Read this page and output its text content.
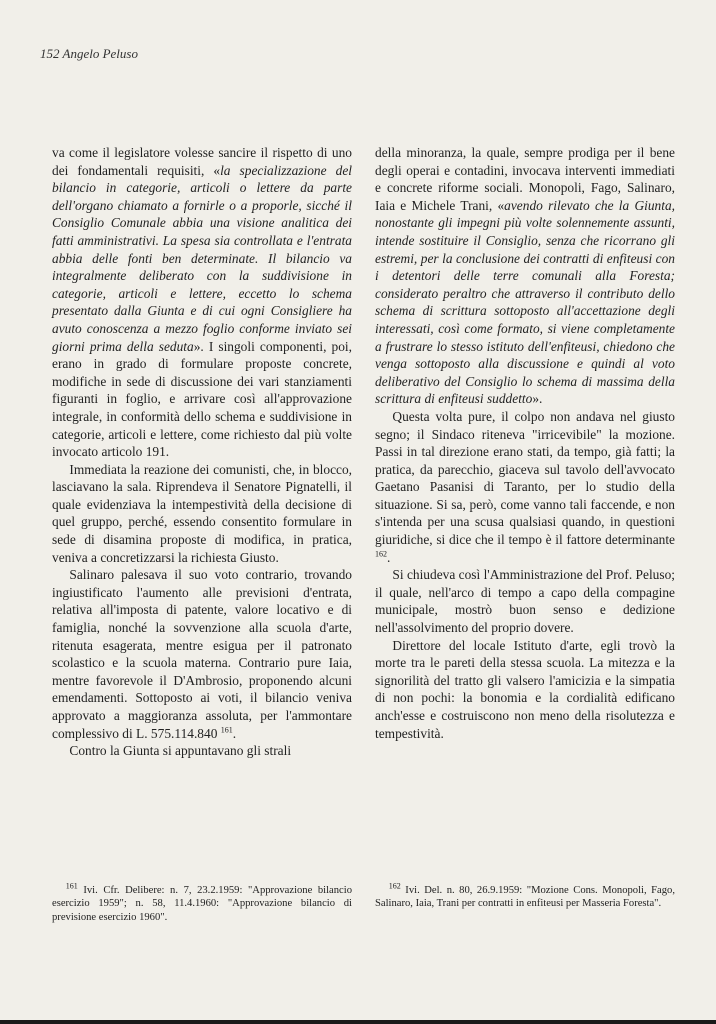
152 Angelo Peluso

va come il legislatore volesse sancire il rispetto di uno dei fondamentali requisiti, «la specializzazione del bilancio in categorie, articoli o lettere da parte dell'organo chiamato a fornirle o a proporle, sicché il Consiglio Comunale abbia una visione analitica dei fatti amministrativi. La spesa sia controllata e l'entrata abbia delle fonti ben determinate. Il bilancio va integralmente deliberato con la suddivisione in categorie, articoli e lettere, eccetto lo schema presentato dalla Giunta e di cui ogni Consigliere ha avuto conoscenza a mezzo foglio conforme inviato sei giorni prima della seduta». I singoli componenti, poi, erano in grado di formulare proposte concrete, modifiche in sede di discussione dei vari stanziamenti figuranti in foglio, e arrivare così all'approvazione integrale, in conformità dello schema e suddivisione in categorie, articoli e lettere, come richiesto dal più volte invocato articolo 191.

Immediata la reazione dei comunisti, che, in blocco, lasciavano la sala. Riprendeva il Senatore Pignatelli, il quale evidenziava la intempestività della decisione di quel gruppo, perché, essendo consentito formulare in sede di disamina proposte di modifica, in pratica, veniva a concretizzarsi la richiesta Giusto.

Salinaro palesava il suo voto contrario, trovando ingiustificato l'aumento alle previsioni d'entrata, relativa all'imposta di patente, valore locativo e di famiglia, nonché la sovvenzione alla scuola d'arte, ritenuta esagerata, mentre esigua per il patronato scolastico e la scuola materna. Contrario pure Iaia, mentre favorevole il D'Ambrosio, proponendo alcuni emendamenti. Sottoposto ai voti, il bilancio veniva approvato a maggioranza assoluta, per l'ammontare complessivo di L. 575.114.840 $^{161}$.

Contro la Giunta si appuntavano gli strali

della minoranza, la quale, sempre prodiga per il bene degli operai e contadini, invocava interventi immediati e concrete riforme sociali. Monopoli, Fago, Salinaro, Iaia e Michele Trani, «avendo rilevato che la Giunta, nonostante gli impegni più volte solennemente assunti, intende sostituire il Consiglio, senza che ricorrano gli estremi, per la conclusione dei contratti di enfiteusi con i detentori delle terre comunali alla Foresta; considerato peraltro che attraverso il contributo dello schema di scrittura sottoposto all'accettazione degli interessati, così come formato, si viene completamente a frustrare lo stesso istituto dell'enfiteusi, chiedono che venga sottoposto alla discussione e quindi al voto deliberativo del Consiglio lo schema di massima della scrittura di enfiteusi suddetto».

Questa volta pure, il colpo non andava nel giusto segno; il Sindaco riteneva "irricevibile" la mozione. Passi in tal direzione erano stati, da tempo, già fatti; la pratica, da parecchio, giaceva sul tavolo dell'avvocato Gaetano Pasanisi di Taranto, per lo studio della situazione. Si sa, però, come vanno tali faccende, e non s'intenda per una scusa qualsiasi quando, in questioni giuridiche, si dice che il tempo è il fattore determinante $^{162}$.

Si chiudeva così l'Amministrazione del Prof. Peluso; il quale, nell'arco di tempo a capo della compagine municipale, mostrò buon senso e dedizione nell'assolvimento del proprio dovere.

Direttore del locale Istituto d'arte, egli trovò la morte tra le pareti della stessa scuola. La mitezza e la signorilità del tratto gli valsero l'amicizia e la simpatia di non pochi: la bonomia e la cordialità edificano anch'esse e costruiscono non meno della risolutezza e tempestività.

$^{161}$ Ivi. Cfr. Delibere: n. 7, 23.2.1959: "Approvazione bilancio esercizio 1959"; n. 58, 11.4.1960: "Approvazione bilancio di previsione esercizio 1960".

$^{162}$ Ivi. Del. n. 80, 26.9.1959: "Mozione Cons. Monopoli, Fago, Salinaro, Iaia, Trani per contratti in enfiteusi per Masseria Foresta".
